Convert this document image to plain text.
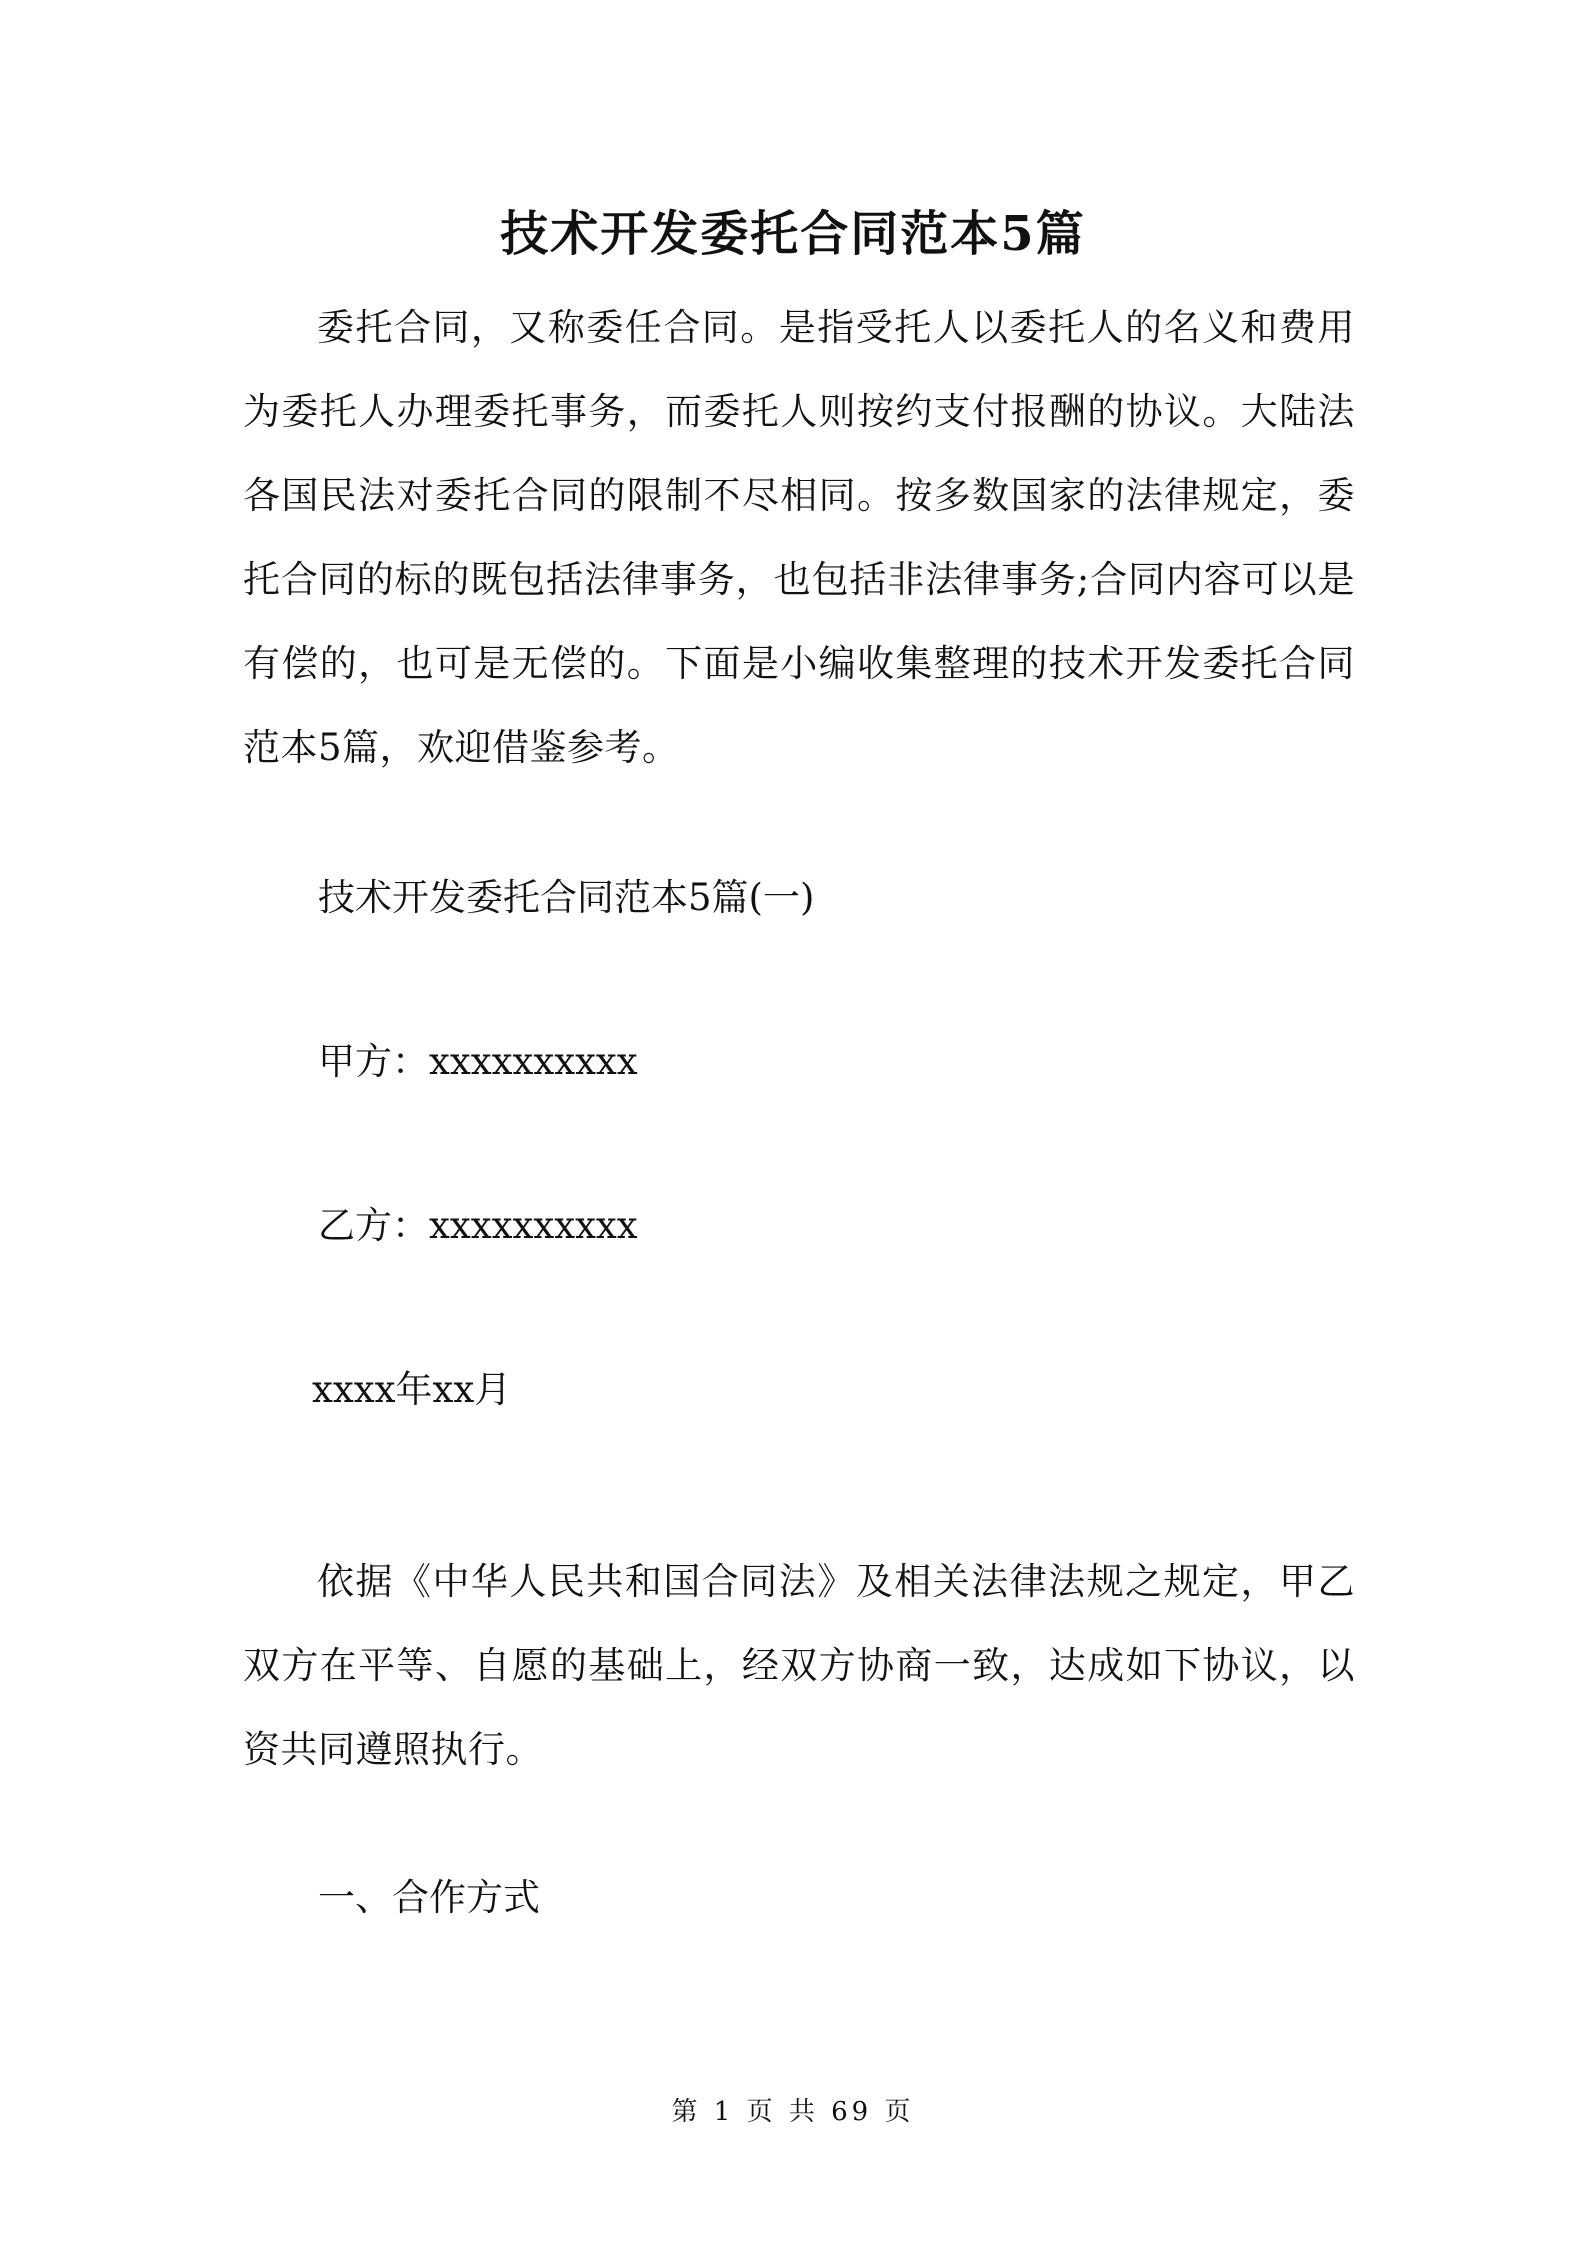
技术开发委托合同范本5篇

委托合同，又称委任合同。是指受托人以委托人的名义和费用为委托人办理委托事务，而委托人则按约支付报酬的协议。大陆法各国民法对委托合同的限制不尽相同。按多数国家的法律规定，委托合同的标的既包括法律事务，也包括非法律事务;合同内容可以是有偿的，也可是无偿的。下面是小编收集整理的技术开发委托合同范本5篇，欢迎借鉴参考。

技术开发委托合同范本5篇(一)

甲方：xxxxxxxxxx

乙方：xxxxxxxxxx

xxxx年xx月

依据《中华人民共和国合同法》及相关法律法规之规定，甲乙双方在平等、自愿的基础上，经双方协商一致，达成如下协议，以资共同遵照执行。

一、合作方式

第 1 页 共 69 页
